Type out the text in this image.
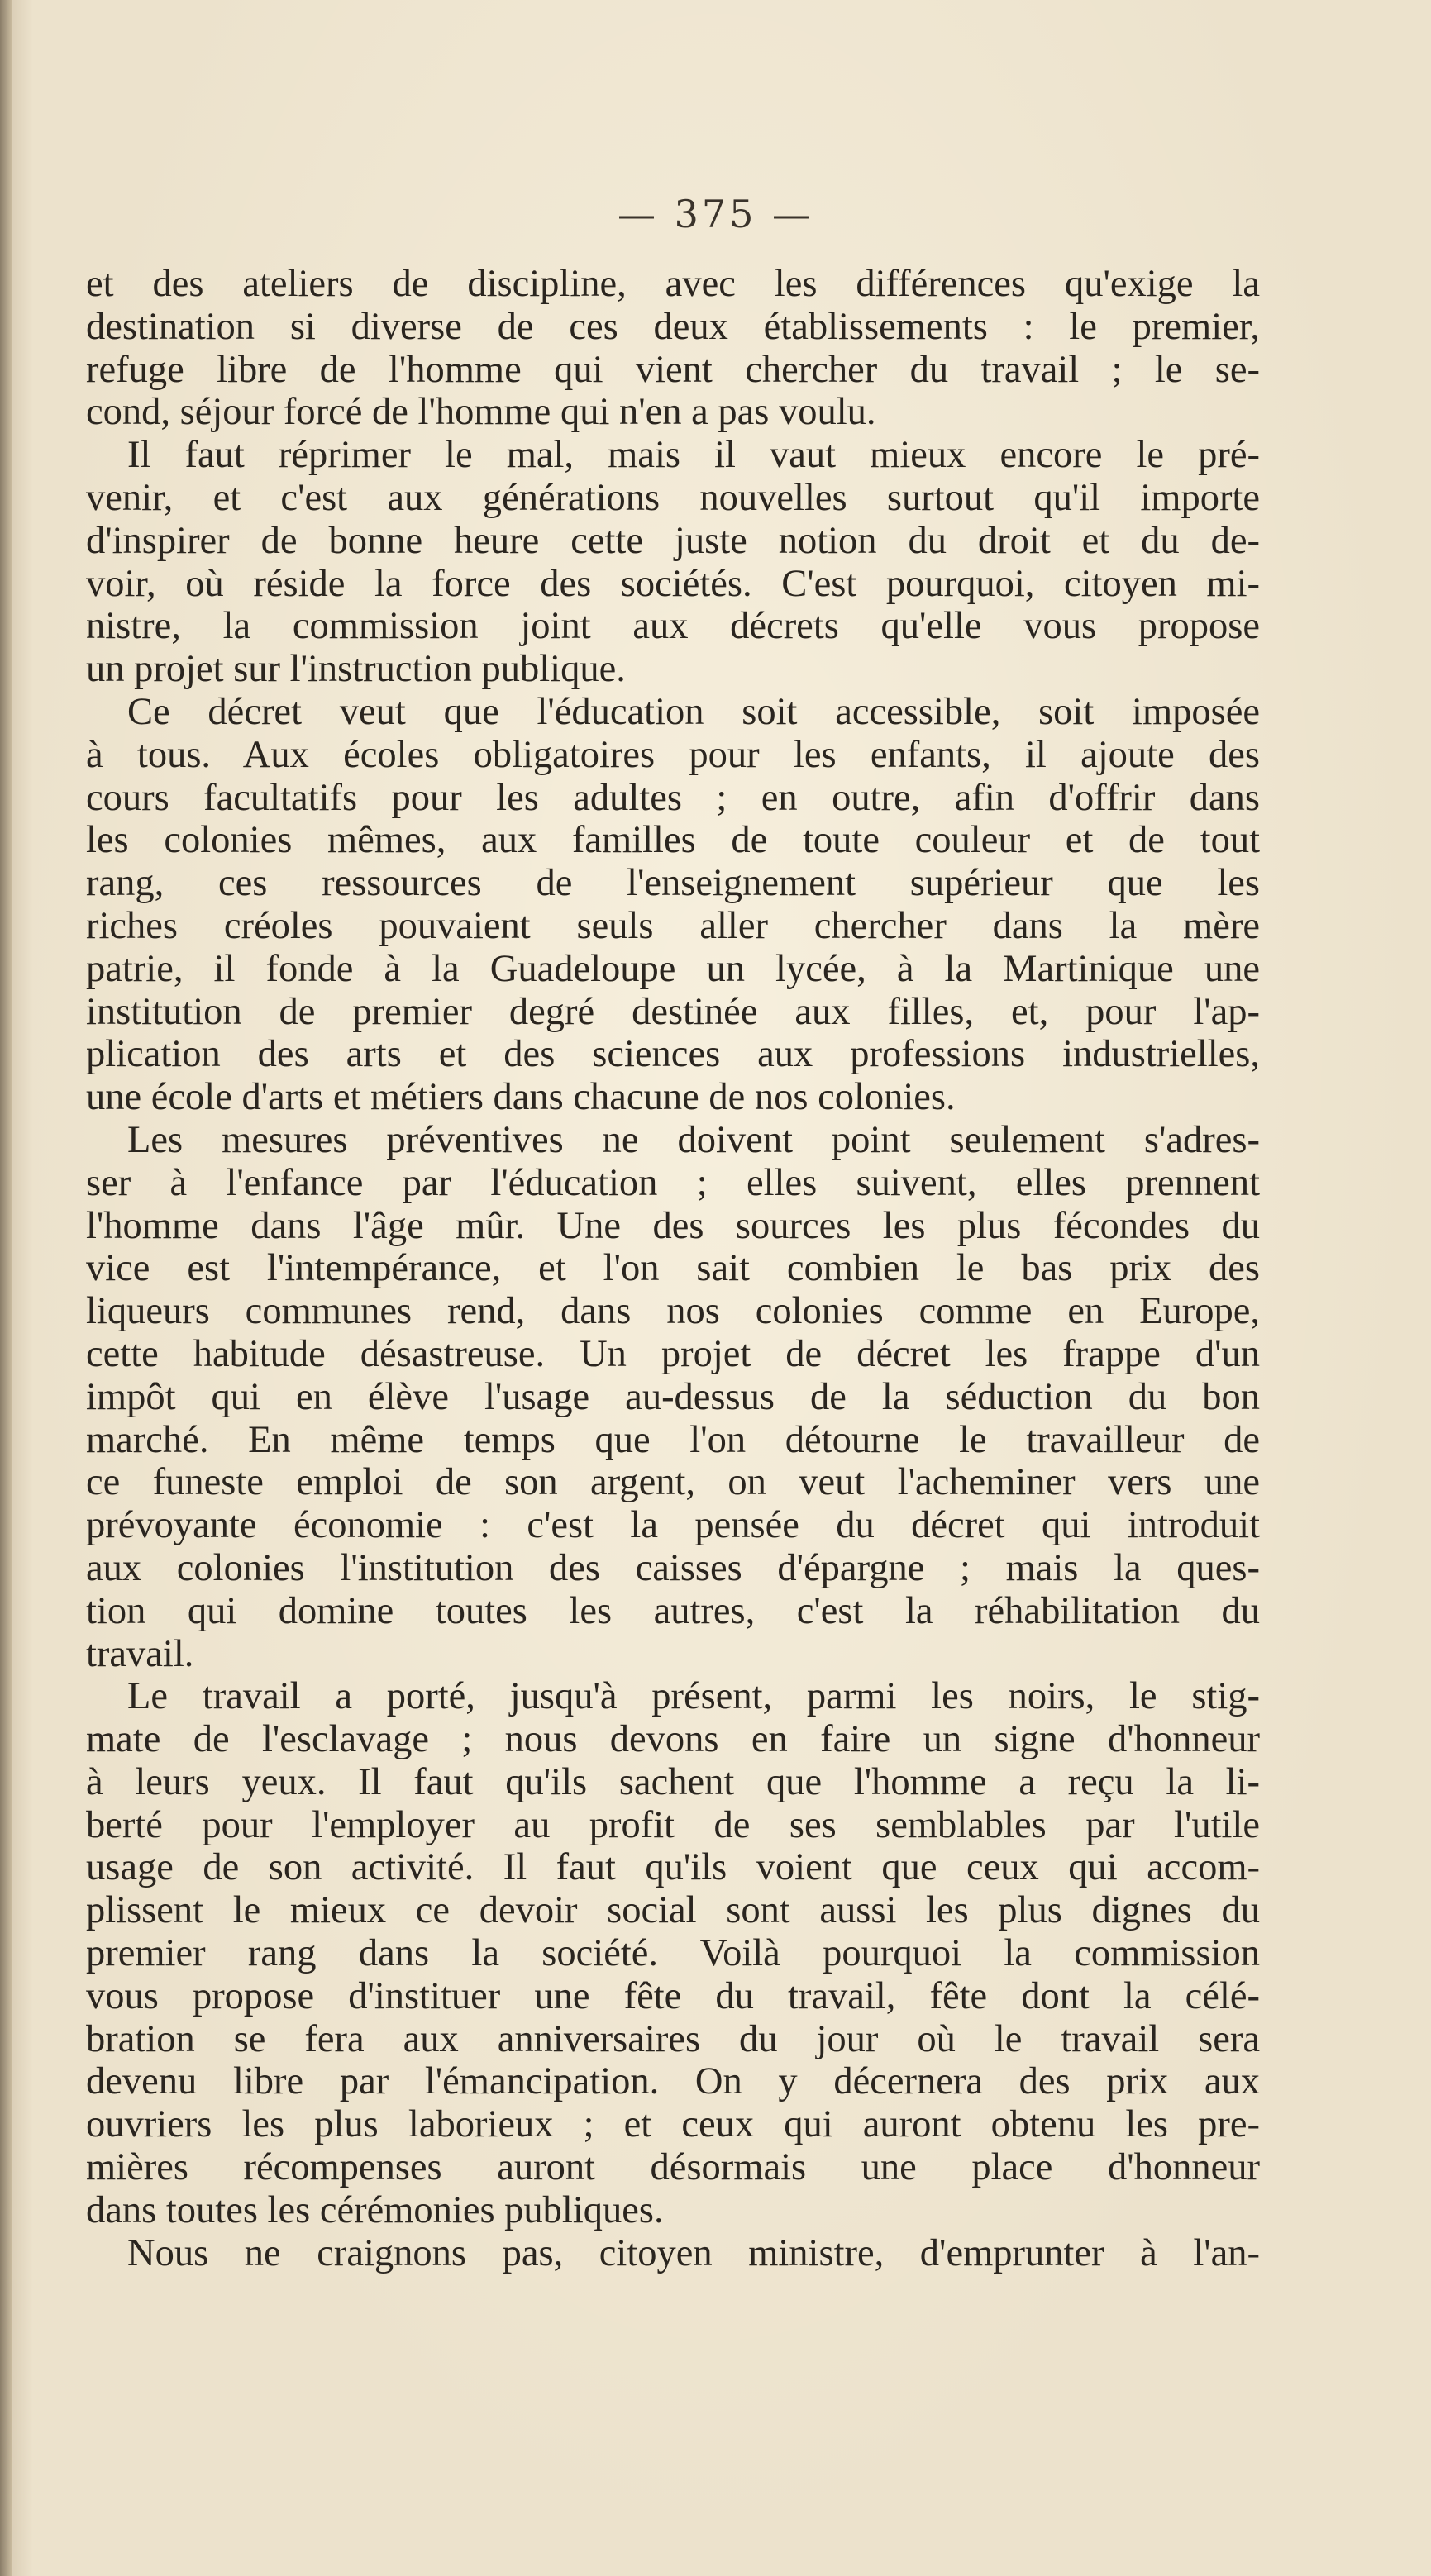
— 375 —
et des ateliers de discipline, avec les différences qu'exige la
destination si diverse de ces deux établissements : le premier,
refuge libre de l'homme qui vient chercher du travail ; le se-
cond, séjour forcé de l'homme qui n'en a pas voulu.
Il faut réprimer le mal, mais il vaut mieux encore le pré-
venir, et c'est aux générations nouvelles surtout qu'il importe
d'inspirer de bonne heure cette juste notion du droit et du de-
voir, où réside la force des sociétés. C'est pourquoi, citoyen mi-
nistre, la commission joint aux décrets qu'elle vous propose
un projet sur l'instruction publique.
Ce décret veut que l'éducation soit accessible, soit imposée
à tous. Aux écoles obligatoires pour les enfants, il ajoute des
cours facultatifs pour les adultes ; en outre, afin d'offrir dans
les colonies mêmes, aux familles de toute couleur et de tout
rang, ces ressources de l'enseignement supérieur que les
riches créoles pouvaient seuls aller chercher dans la mère
patrie, il fonde à la Guadeloupe un lycée, à la Martinique une
institution de premier degré destinée aux filles, et, pour l'ap-
plication des arts et des sciences aux professions industrielles,
une école d'arts et métiers dans chacune de nos colonies.
Les mesures préventives ne doivent point seulement s'adres-
ser à l'enfance par l'éducation ; elles suivent, elles prennent
l'homme dans l'âge mûr. Une des sources les plus fécondes du
vice est l'intempérance, et l'on sait combien le bas prix des
liqueurs communes rend, dans nos colonies comme en Europe,
cette habitude désastreuse. Un projet de décret les frappe d'un
impôt qui en élève l'usage au-dessus de la séduction du bon
marché. En même temps que l'on détourne le travailleur de
ce funeste emploi de son argent, on veut l'acheminer vers une
prévoyante économie : c'est la pensée du décret qui introduit
aux colonies l'institution des caisses d'épargne ; mais la ques-
tion qui domine toutes les autres, c'est la réhabilitation du
travail.
Le travail a porté, jusqu'à présent, parmi les noirs, le stig-
mate de l'esclavage ; nous devons en faire un signe d'honneur
à leurs yeux. Il faut qu'ils sachent que l'homme a reçu la li-
berté pour l'employer au profit de ses semblables par l'utile
usage de son activité. Il faut qu'ils voient que ceux qui accom-
plissent le mieux ce devoir social sont aussi les plus dignes du
premier rang dans la société. Voilà pourquoi la commission
vous propose d'instituer une fête du travail, fête dont la célé-
bration se fera aux anniversaires du jour où le travail sera
devenu libre par l'émancipation. On y décernera des prix aux
ouvriers les plus laborieux ; et ceux qui auront obtenu les pre-
mières récompenses auront désormais une place d'honneur
dans toutes les cérémonies publiques.
Nous ne craignons pas, citoyen ministre, d'emprunter à l'an-
